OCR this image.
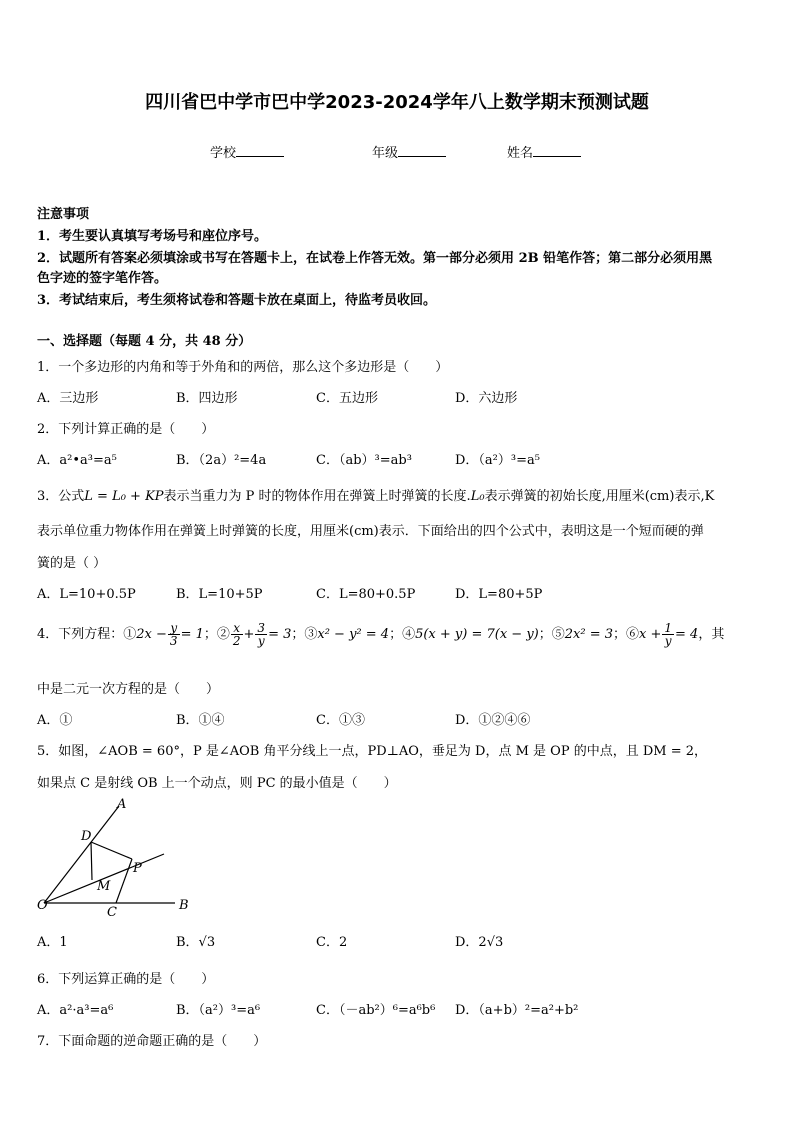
四川省巴中学市巴中学2023-2024学年八上数学期末预测试题
学校	年级	姓名
注意事项
1．考生要认真填写考场号和座位序号。
2．试题所有答案必须填涂或书写在答题卡上，在试卷上作答无效。第一部分必须用 2B 铅笔作答；第二部分必须用黑
色字迹的签字笔作答。
3．考试结束后，考生须将试卷和答题卡放在桌面上，待监考员收回。
一、选择题（每题 4 分，共 48 分）
1．一个多边形的内角和等于外角和的两倍，那么这个多边形是（　　）
A．三边形	B．四边形	C．五边形	D．六边形
2．下列计算正确的是（　　）
A．a²•a³=a⁵	B．（2a）²=4a	C．（ab）³=ab³	D．（a²）³=a⁵
3．公式L = L₀ + KP表示当重力为 P 时的物体作用在弹簧上时弹簧的长度.L₀表示弹簧的初始长度,用厘米(cm)表示,K
表示单位重力物体作用在弹簧上时弹簧的长度，用厘米(cm)表示．下面给出的四个公式中，表明这是一个短而硬的弹
簧的是（ ）
A．L=10+0.5P	B．L=10+5P	C．L=80+0.5P	D．L=80+5P
4．下列方程：①2x − $\frac{y}{3} = 1$；② $\frac{x}{2} + \frac{3}{y} = 3$；③x² − y² = 4；④5(x + y) = 7(x − y)；⑤2x² = 3；⑥x + $\frac{1}{y} = 4$，其
中是二元一次方程的是（　　）
A．①	B．①④	C．①③	D．①②④⑥
5．如图，∠AOB = 60°，P 是∠AOB 角平分线上一点，PD⊥AO，垂足为 D，点 M 是 OP 的中点，且 DM = 2，
如果点 C 是射线 OB 上一个动点，则 PC 的最小值是（　　）
A
B
O
D
P
M
C
A．1	B．√3	C．2	D．2√3
6．下列运算正确的是（　　）
A．a²·a³=a⁶	B．（a²）³=a⁶	C．（－ab²）⁶=a⁶b⁶ D．（a+b）²=a²+b²
7．下面命题的逆命题正确的是（　　）
